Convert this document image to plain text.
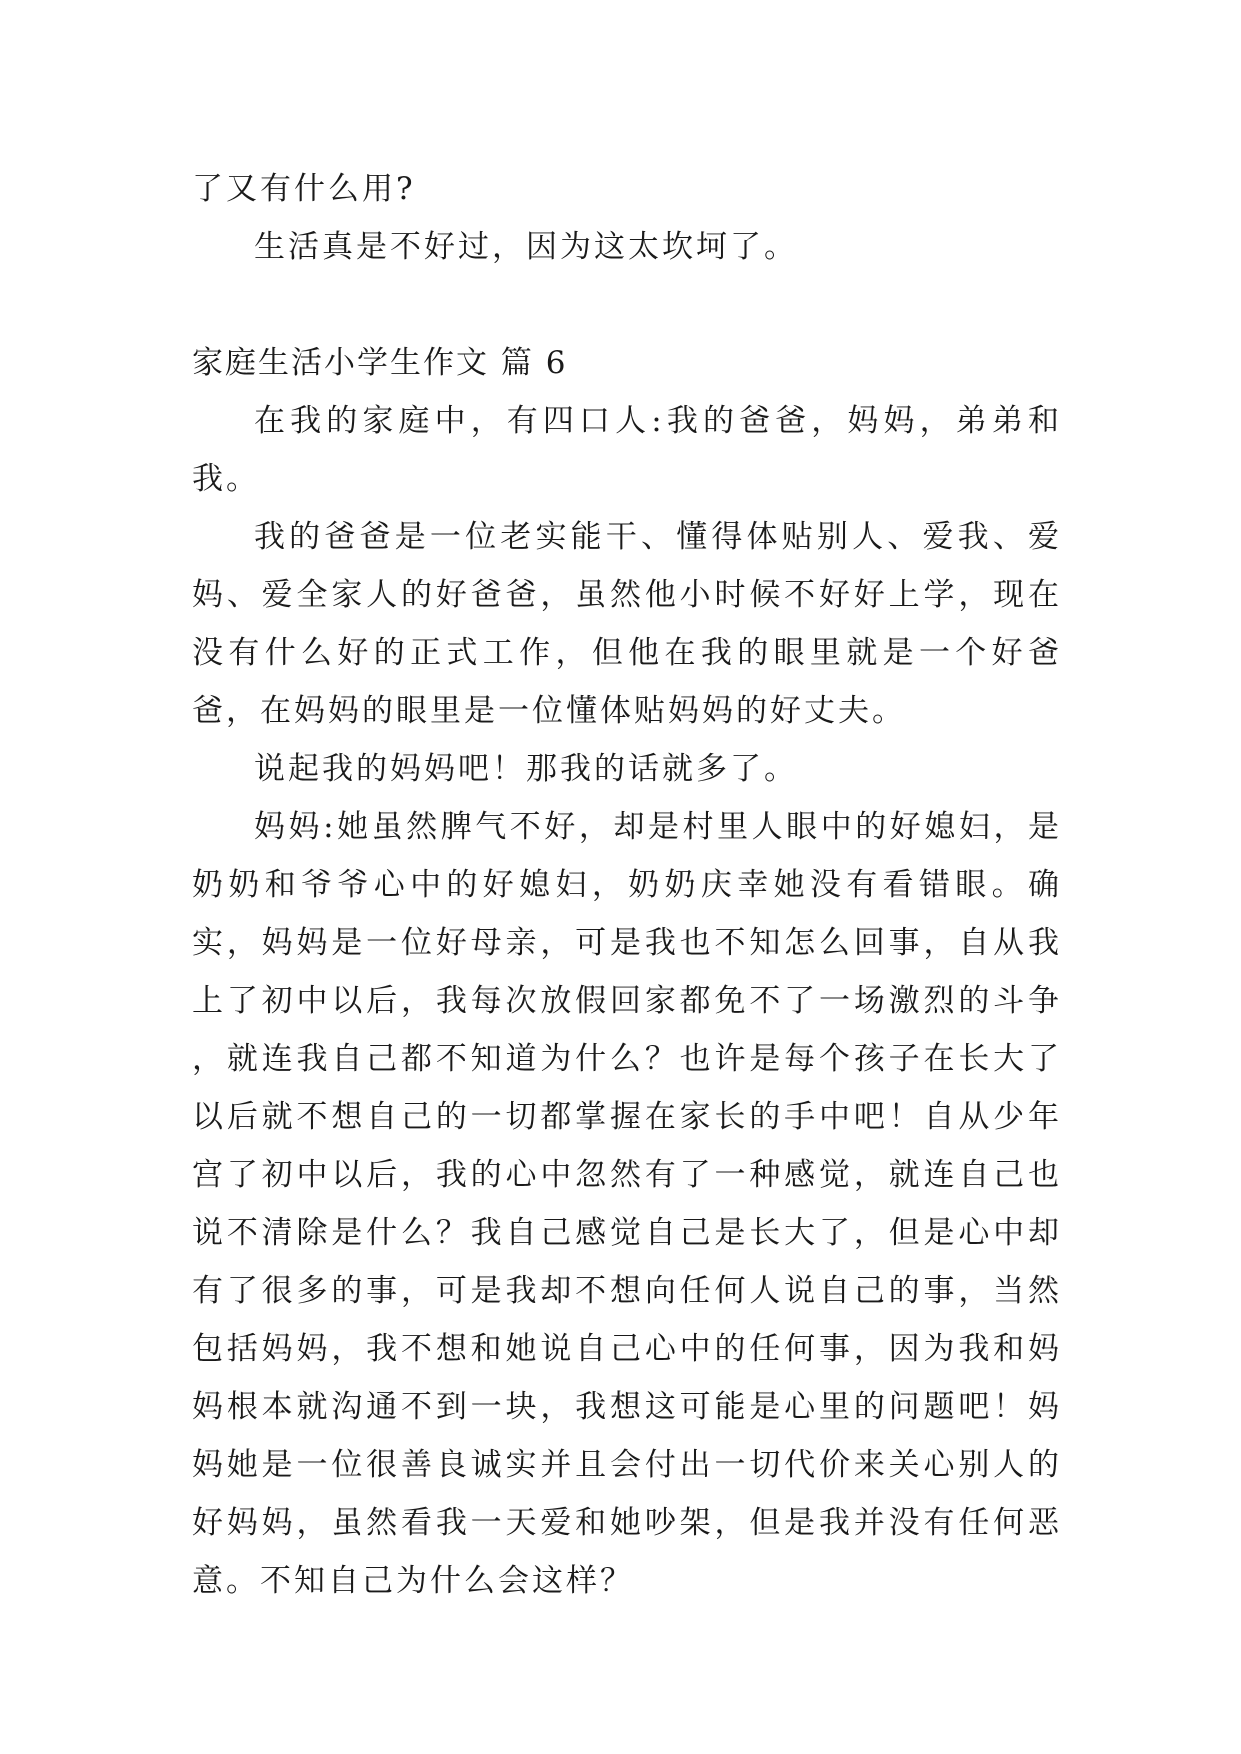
了又有什么用?

生活真是不好过，因为这太坎坷了。

家庭生活小学生作文 篇 6

在我的家庭中，有四口人:我的爸爸，妈妈，弟弟和我。

我的爸爸是一位老实能干、懂得体贴别人、爱我、爱妈、爱全家人的好爸爸，虽然他小时候不好好上学，现在没有什么好的正式工作，但他在我的眼里就是一个好爸爸，在妈妈的眼里是一位懂体贴妈妈的好丈夫。

说起我的妈妈吧！那我的话就多了。

妈妈:她虽然脾气不好，却是村里人眼中的好媳妇，是奶奶和爷爷心中的好媳妇，奶奶庆幸她没有看错眼。确实，妈妈是一位好母亲，可是我也不知怎么回事，自从我上了初中以后，我每次放假回家都免不了一场激烈的斗争 ，就连我自己都不知道为什么？也许是每个孩子在长大了以后就不想自己的一切都掌握在家长的手中吧！自从少年宫了初中以后，我的心中忽然有了一种感觉，就连自己也说不清除是什么？我自己感觉自己是长大了，但是心中却有了很多的事，可是我却不想向任何人说自己的事，当然包括妈妈，我不想和她说自己心中的任何事，因为我和妈妈根本就沟通不到一块，我想这可能是心里的问题吧！妈妈她是一位很善良诚实并且会付出一切代价来关心别人的好妈妈，虽然看我一天爱和她吵架，但是我并没有任何恶意。不知自己为什么会这样？
